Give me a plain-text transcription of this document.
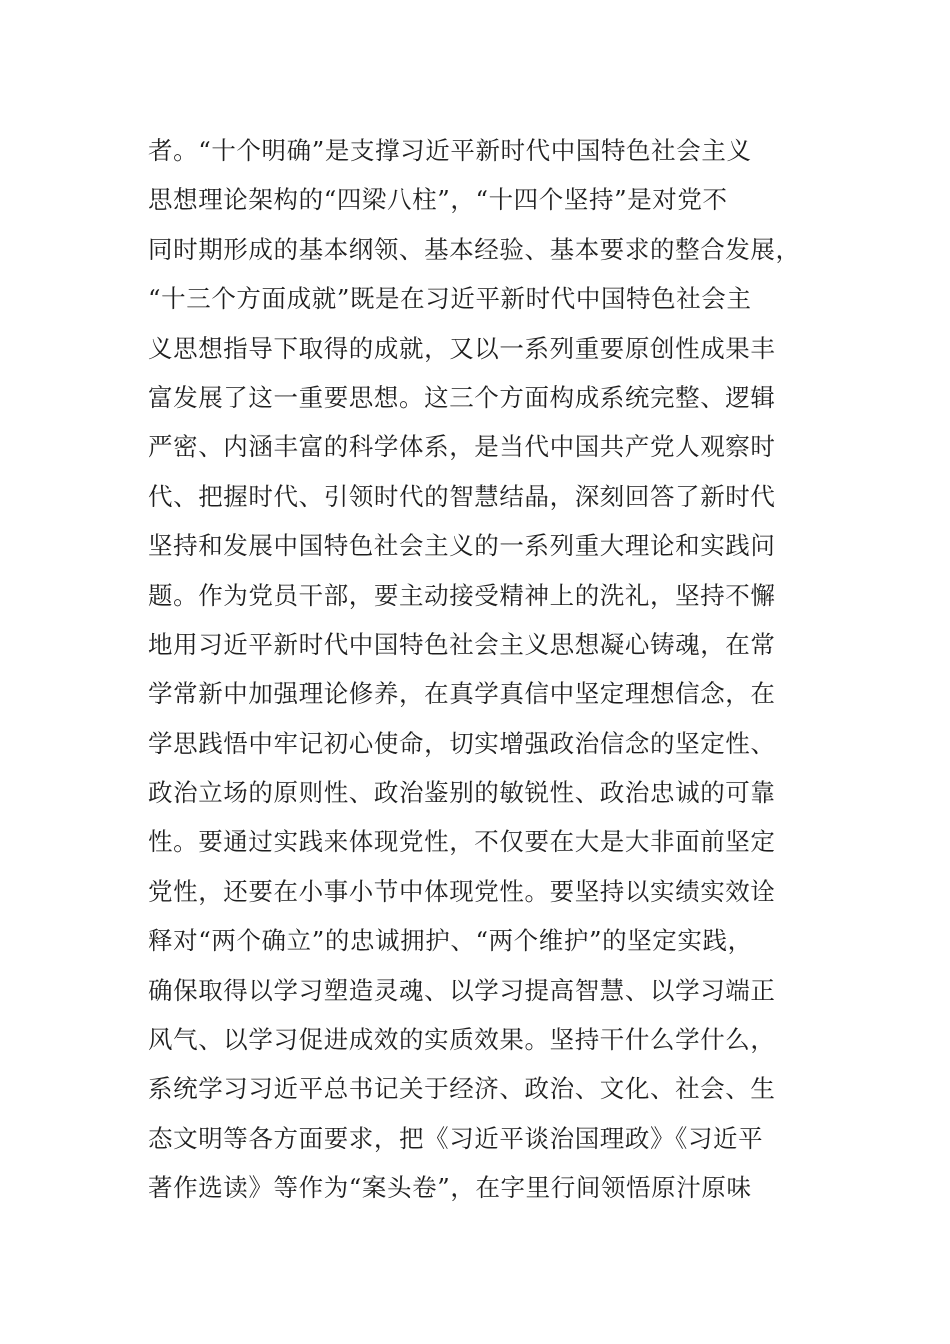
者。“十个明确”是支撑习近平新时代中国特色社会主义
思想理论架构的“四梁八柱”，“十四个坚持”是对党不
同时期形成的基本纲领、基本经验、基本要求的整合发展，
“十三个方面成就”既是在习近平新时代中国特色社会主
义思想指导下取得的成就，又以一系列重要原创性成果丰
富发展了这一重要思想。这三个方面构成系统完整、逻辑
严密、内涵丰富的科学体系，是当代中国共产党人观察时
代、把握时代、引领时代的智慧结晶，深刻回答了新时代
坚持和发展中国特色社会主义的一系列重大理论和实践问
题。作为党员干部，要主动接受精神上的洗礼，坚持不懈
地用习近平新时代中国特色社会主义思想凝心铸魂，在常
学常新中加强理论修养，在真学真信中坚定理想信念，在
学思践悟中牢记初心使命，切实增强政治信念的坚定性、
政治立场的原则性、政治鉴别的敏锐性、政治忠诚的可靠
性。要通过实践来体现党性，不仅要在大是大非面前坚定
党性，还要在小事小节中体现党性。要坚持以实绩实效诠
释对“两个确立”的忠诚拥护、“两个维护”的坚定实践，
确保取得以学习塑造灵魂、以学习提高智慧、以学习端正
风气、以学习促进成效的实质效果。坚持干什么学什么，
系统学习习近平总书记关于经济、政治、文化、社会、生
态文明等各方面要求，把《习近平谈治国理政》《习近平
著作选读》等作为“案头卷”，在字里行间领悟原汁原味
